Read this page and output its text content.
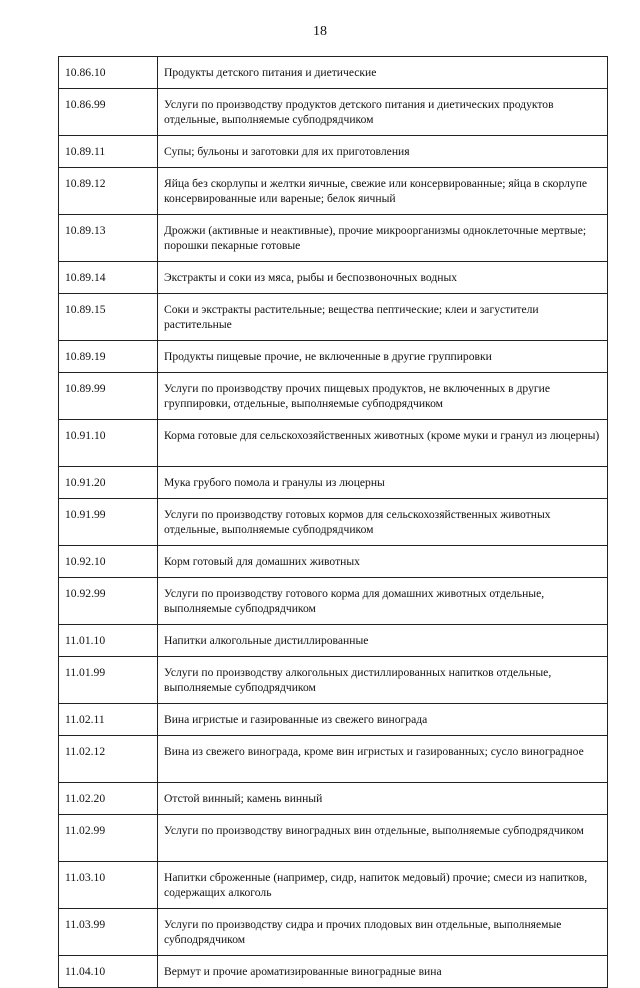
18
10.86.10	Продукты детского питания и диетические
10.86.99	Услуги по производству продуктов детского питания и диетических продуктов отдельные, выполняемые субподрядчиком
10.89.11	Супы; бульоны и заготовки для их приготовления
10.89.12	Яйца без скорлупы и желтки яичные, свежие или консервированные; яйца в скорлупе консервированные или вареные; белок яичный
10.89.13	Дрожжи (активные и неактивные), прочие микроорганизмы одноклеточные мертвые; порошки пекарные готовые
10.89.14	Экстракты и соки из мяса, рыбы и беспозвоночных водных
10.89.15	Соки и экстракты растительные; вещества пептические; клеи и загустители растительные
10.89.19	Продукты пищевые прочие, не включенные в другие группировки
10.89.99	Услуги по производству прочих пищевых продуктов, не включенных в другие группировки, отдельные, выполняемые субподрядчиком
10.91.10	Корма готовые для сельскохозяйственных животных (кроме муки и гранул из люцерны)
10.91.20	Мука грубого помола и гранулы из люцерны
10.91.99	Услуги по производству готовых кормов для сельскохозяйственных животных отдельные, выполняемые субподрядчиком
10.92.10	Корм готовый для домашних животных
10.92.99	Услуги по производству готового корма для домашних животных отдельные, выполняемые субподрядчиком
11.01.10	Напитки алкогольные дистиллированные
11.01.99	Услуги по производству алкогольных дистиллированных напитков отдельные, выполняемые субподрядчиком
11.02.11	Вина игристые и газированные из свежего винограда
11.02.12	Вина из свежего винограда, кроме вин игристых и газированных; сусло виноградное
11.02.20	Отстой винный; камень винный
11.02.99	Услуги по производству виноградных вин отдельные, выполняемые субподрядчиком
11.03.10	Напитки сброженные (например, сидр, напиток медовый) прочие; смеси из напитков, содержащих алкоголь
11.03.99	Услуги по производству сидра и прочих плодовых вин отдельные, выполняемые субподрядчиком
11.04.10	Вермут и прочие ароматизированные виноградные вина
